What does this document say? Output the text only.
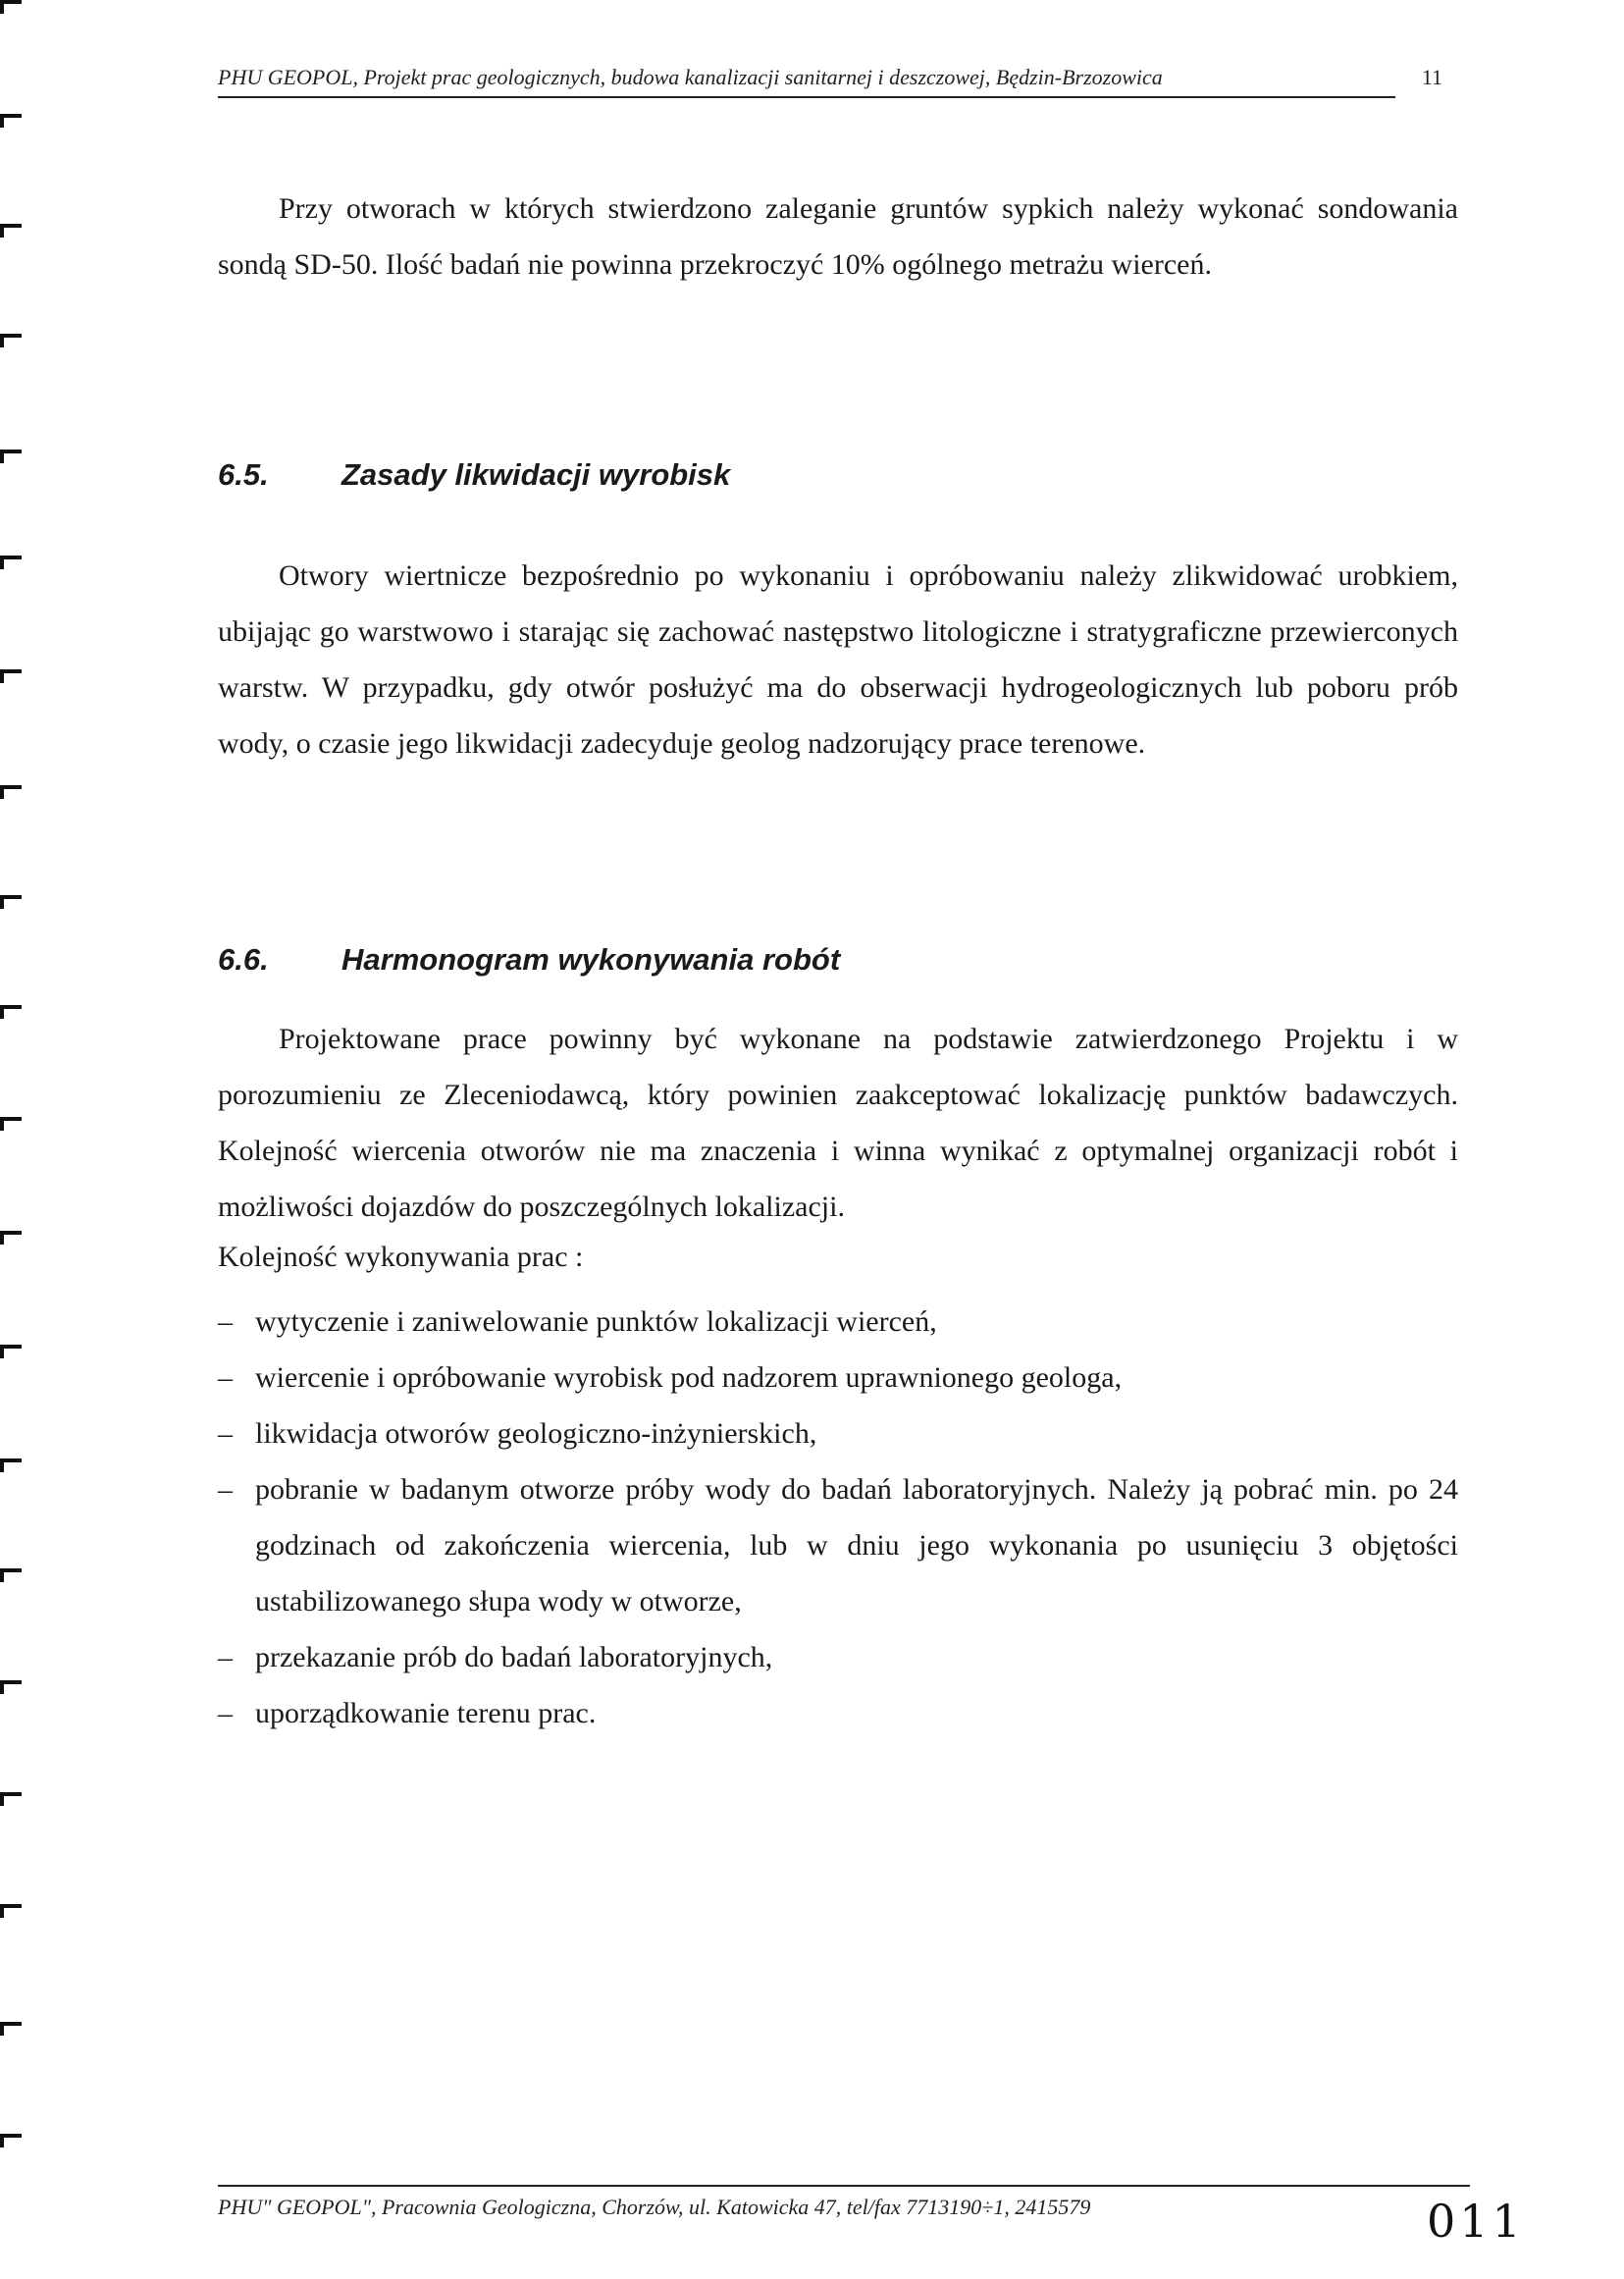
PHU GEOPOL, Projekt prac geologicznych, budowa kanalizacji sanitarnej i deszczowej, Będzin-Brzozowica	11

Przy otworach w których stwierdzono zaleganie gruntów sypkich należy wykonać sondowania sondą SD-50. Ilość badań nie powinna przekroczyć 10% ogólnego metrażu wierceń.

6.5. Zasady likwidacji wyrobisk

Otwory wiertnicze bezpośrednio po wykonaniu i opróbowaniu należy zlikwidować urobkiem, ubijając go warstwowo i starając się zachować następstwo litologiczne i stratygraficzne przewierconych warstw. W przypadku, gdy otwór posłużyć ma do obserwacji hydrogeologicznych lub poboru prób wody, o czasie jego likwidacji zadecyduje geolog nadzorujący prace terenowe.

6.6. Harmonogram wykonywania robót

Projektowane prace powinny być wykonane na podstawie zatwierdzonego Projektu i w porozumieniu ze Zleceniodawcą, który powinien zaakceptować lokalizację punktów badawczych. Kolejność wiercenia otworów nie ma znaczenia i winna wynikać z optymalnej organizacji robót i możliwości dojazdów do poszczególnych lokalizacji.

Kolejność wykonywania prac :
– wytyczenie i zaniwelowanie punktów lokalizacji wierceń,
– wiercenie i opróbowanie wyrobisk pod nadzorem uprawnionego geologa,
– likwidacja otworów geologiczno-inżynierskich,
– pobranie w badanym otworze próby wody do badań laboratoryjnych. Należy ją pobrać min. po 24 godzinach od zakończenia wiercenia, lub w dniu jego wykonania po usunięciu 3 objętości ustabilizowanego słupa wody w otworze,
– przekazanie prób do badań laboratoryjnych,
– uporządkowanie terenu prac.
PHU" GEOPOL", Pracownia Geologiczna, Chorzów, ul. Katowicka 47, tel/fax 7713190÷1, 2415579	011
